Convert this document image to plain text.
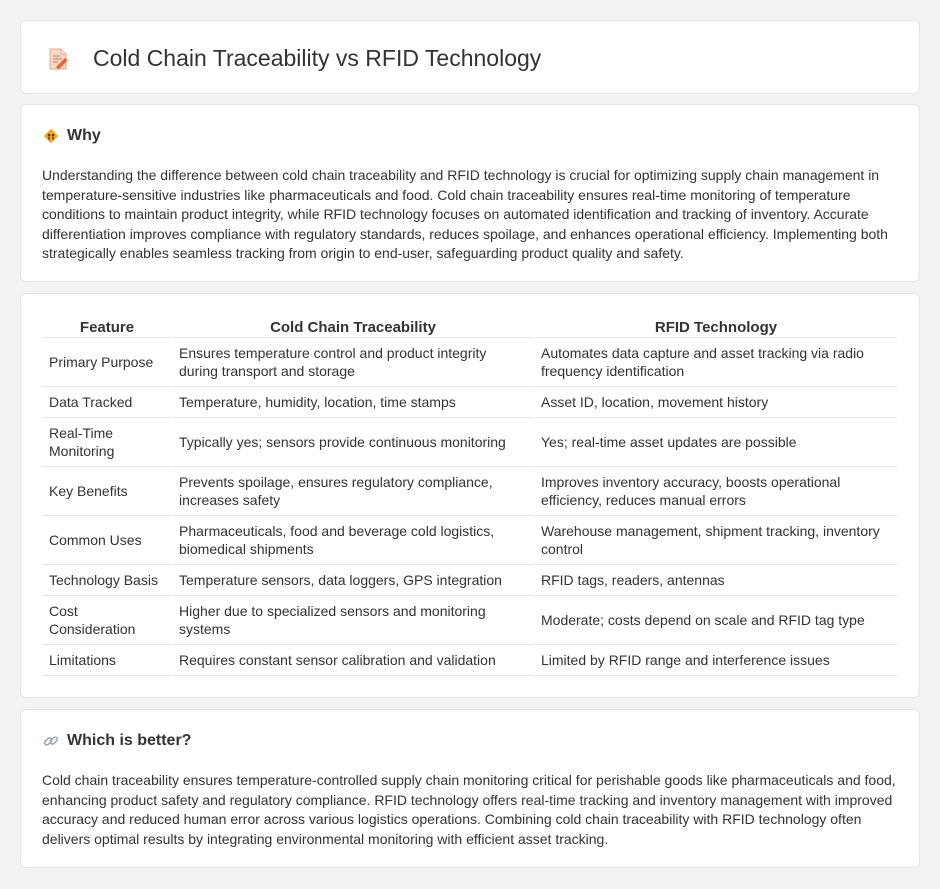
Cold Chain Traceability vs RFID Technology
Why

Understanding the difference between cold chain traceability and RFID technology is crucial for optimizing supply chain management in temperature-sensitive industries like pharmaceuticals and food. Cold chain traceability ensures real-time monitoring of temperature conditions to maintain product integrity, while RFID technology focuses on automated identification and tracking of inventory. Accurate differentiation improves compliance with regulatory standards, reduces spoilage, and enhances operational efficiency. Implementing both strategically enables seamless tracking from origin to end-user, safeguarding product quality and safety.

Feature	Cold Chain Traceability	RFID Technology
Primary Purpose	Ensures temperature control and product integrity during transport and storage	Automates data capture and asset tracking via radio frequency identification
Data Tracked	Temperature, humidity, location, time stamps	Asset ID, location, movement history
Real-Time Monitoring	Typically yes; sensors provide continuous monitoring	Yes; real-time asset updates are possible
Key Benefits	Prevents spoilage, ensures regulatory compliance, increases safety	Improves inventory accuracy, boosts operational efficiency, reduces manual errors
Common Uses	Pharmaceuticals, food and beverage cold logistics, biomedical shipments	Warehouse management, shipment tracking, inventory control
Technology Basis	Temperature sensors, data loggers, GPS integration	RFID tags, readers, antennas
Cost Consideration	Higher due to specialized sensors and monitoring systems	Moderate; costs depend on scale and RFID tag type
Limitations	Requires constant sensor calibration and validation	Limited by RFID range and interference issues
Which is better?

Cold chain traceability ensures temperature-controlled supply chain monitoring critical for perishable goods like pharmaceuticals and food, enhancing product safety and regulatory compliance. RFID technology offers real-time tracking and inventory management with improved accuracy and reduced human error across various logistics operations. Combining cold chain traceability with RFID technology often delivers optimal results by integrating environmental monitoring with efficient asset tracking.
